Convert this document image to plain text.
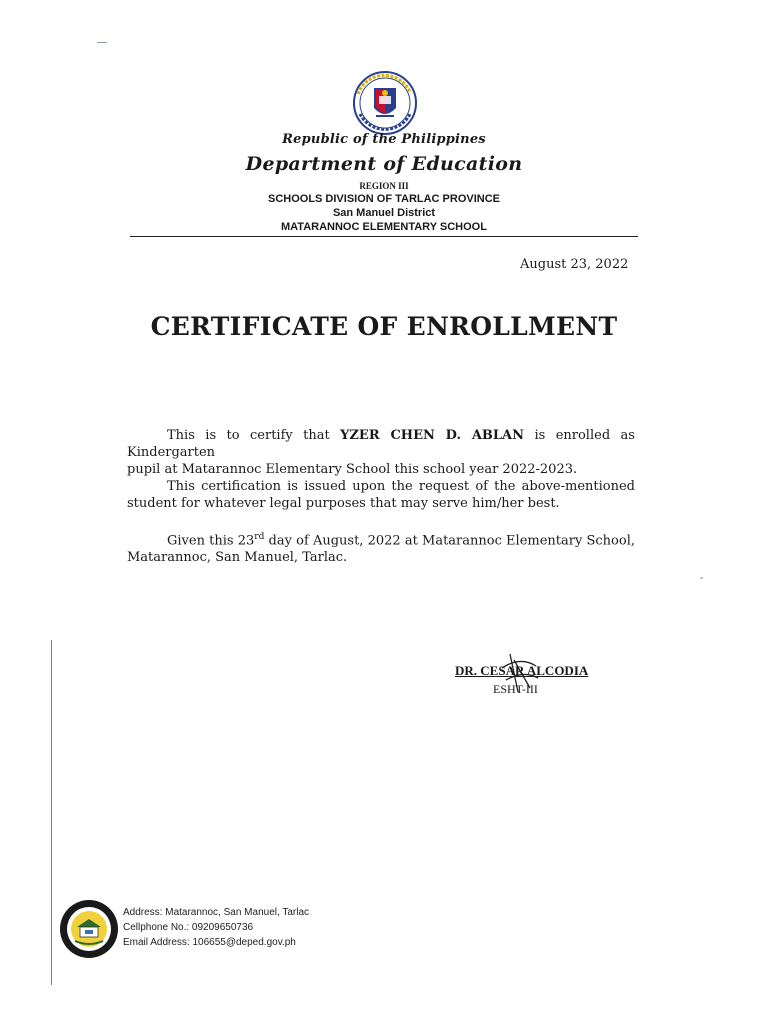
Republic of the Philippines
Department of Education
REGION III
SCHOOLS DIVISION OF TARLAC PROVINCE
San Manuel District
MATARANNOC ELEMENTARY SCHOOL
August 23, 2022
CERTIFICATE OF ENROLLMENT
This is to certify that YZER CHEN D. ABLAN is enrolled as Kindergarten
pupil at Matarannoc Elementary School this school year 2022-2023.
This certification is issued upon the request of the above-mentioned
student for whatever legal purposes that may serve him/her best.
Given this 23rd day of August, 2022 at Matarannoc Elementary School,
Matarannoc, San Manuel, Tarlac.
DR. CESAR ALCODIA
ESHT-III
Address: Matarannoc, San Manuel, Tarlac
Cellphone No.: 09209650736
Email Address: 106655@deped.gov.ph
